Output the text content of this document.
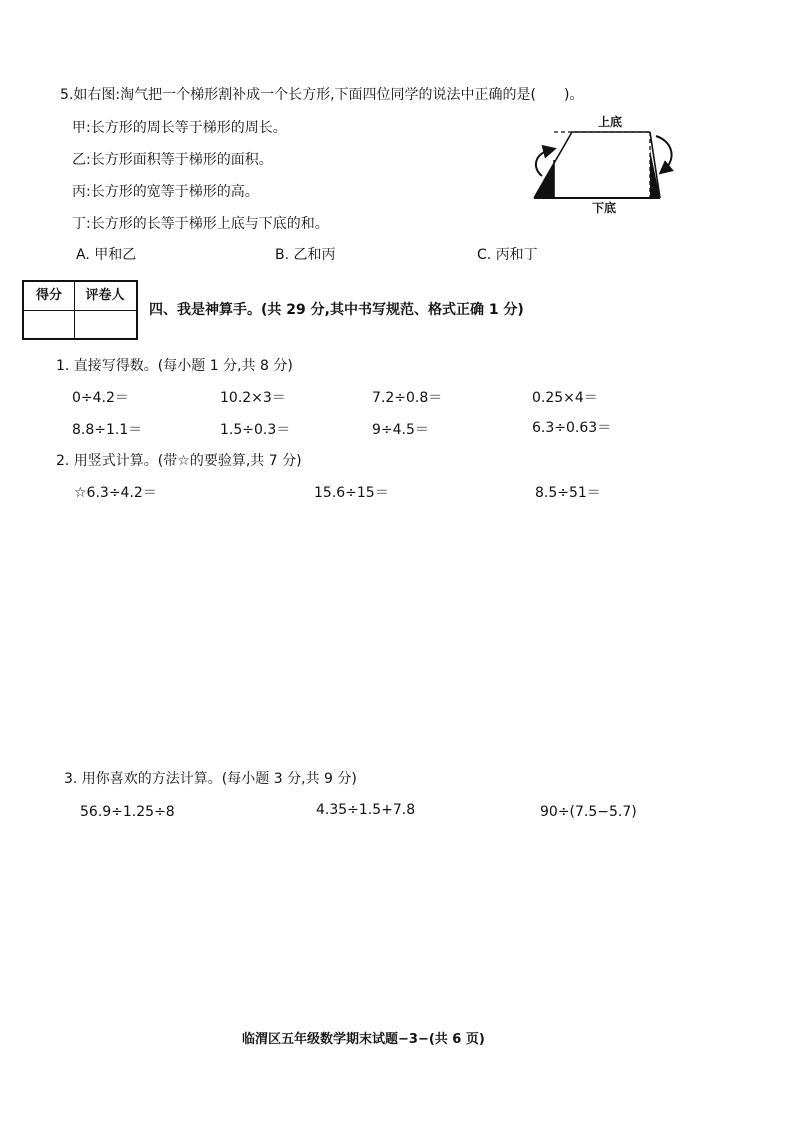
5.如右图:淘气把一个梯形割补成一个长方形,下面四位同学的说法中正确的是(　　)。
甲:长方形的周长等于梯形的周长。
乙:长方形面积等于梯形的面积。
丙:长方形的宽等于梯形的高。
丁:长方形的长等于梯形上底与下底的和。
A. 甲和乙	B. 乙和丙	C. 丙和丁
上底
下底
得分	评卷人
四、我是神算手。(共 29 分,其中书写规范、格式正确 1 分)
1. 直接写得数。(每小题 1 分,共 8 分)
0÷4.2＝	10.2×3＝	7.2÷0.8＝	0.25×4＝
8.8÷1.1＝	1.5÷0.3＝	9÷4.5＝	6.3÷0.63＝
2. 用竖式计算。(带☆的要验算,共 7 分)
☆6.3÷4.2＝	15.6÷15＝	8.5÷51＝
3. 用你喜欢的方法计算。(每小题 3 分,共 9 分)
56.9÷1.25÷8	4.35÷1.5+7.8	90÷(7.5−5.7)
临渭区五年级数学期末试题−3−(共 6 页)
